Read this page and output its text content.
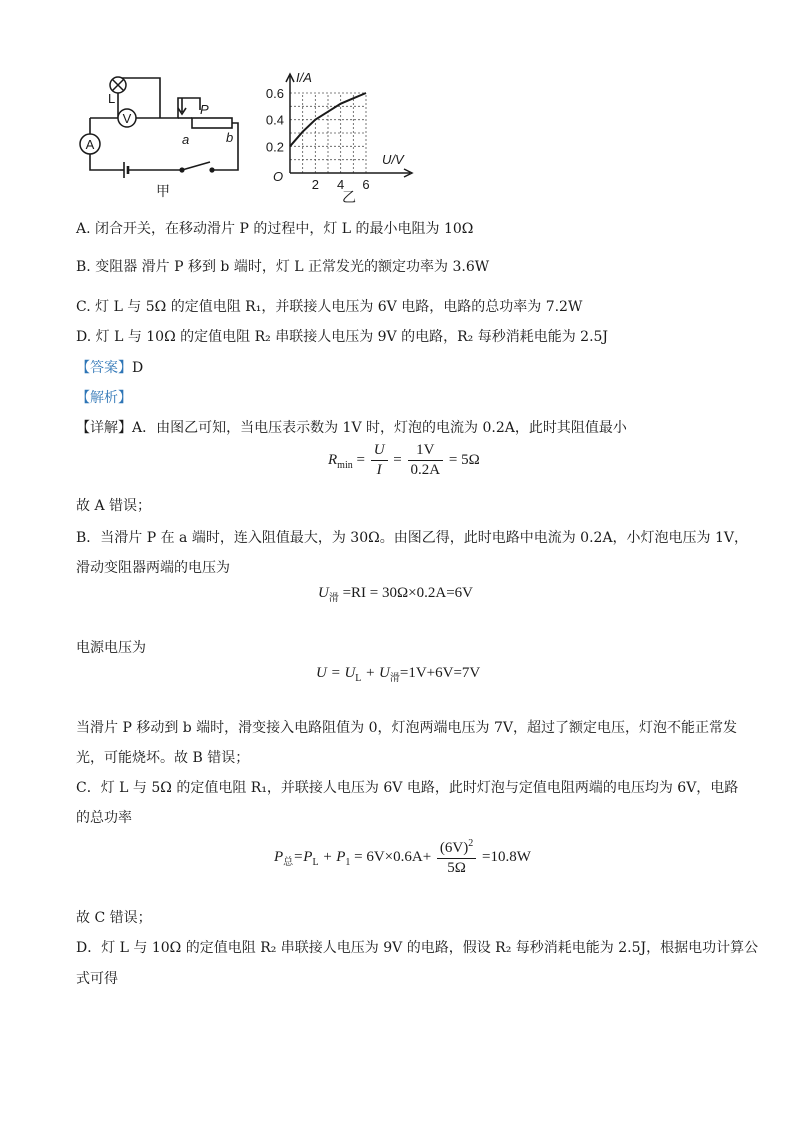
V
A
L
P
a	b
甲
I/A
U/V
O
0.6
0.4
0.2
2 4 6
乙
A. 闭合开关，在移动滑片 P 的过程中，灯 L 的最小电阻为 10Ω
B. 变阻器 滑片 P 移到 b 端时，灯 L 正常发光的额定功率为 3.6W
C. 灯 L 与 5Ω 的定值电阻 R₁，并联接人电压为 6V 电路，电路的总功率为 7.2W
D. 灯 L 与 10Ω 的定值电阻 R₂ 串联接人电压为 9V 的电路，R₂ 每秒消耗电能为 2.5J
【答案】D
【解析】
【详解】A．由图乙可知，当电压表示数为 1V 时，灯泡的电流为 0.2A，此时其阻值最小
$R_{min} = \frac{U}{I} = \frac{1V}{0.2A} = 5\Omega$
故 A 错误；
B．当滑片 P 在 a 端时，连入阻值最大，为 30Ω。由图乙得，此时电路中电流为 0.2A，小灯泡电压为 1V，
滑动变阻器两端的电压为
$U_滑 =RI = 30\Omega\times 0.2A=6V$
电源电压为
$U = U_L + U_滑=1V+6V=7V$
当滑片 P 移动到 b 端时，滑变接入电路阻值为 0，灯泡两端电压为 7V，超过了额定电压，灯泡不能正常发
光，可能烧坏。故 B 错误；
C．灯 L 与 5Ω 的定值电阻 R₁，并联接人电压为 6V 电路，此时灯泡与定值电阻两端的电压均为 6V，电路
的总功率
$P_总=P_L + P_1 = 6V\times 0.6A+ \frac{(6V)^2}{5\Omega} =10.8W$
故 C 错误；
D．灯 L 与 10Ω 的定值电阻 R₂ 串联接人电压为 9V 的电路，假设 R₂ 每秒消耗电能为 2.5J，根据电功计算公
式可得
